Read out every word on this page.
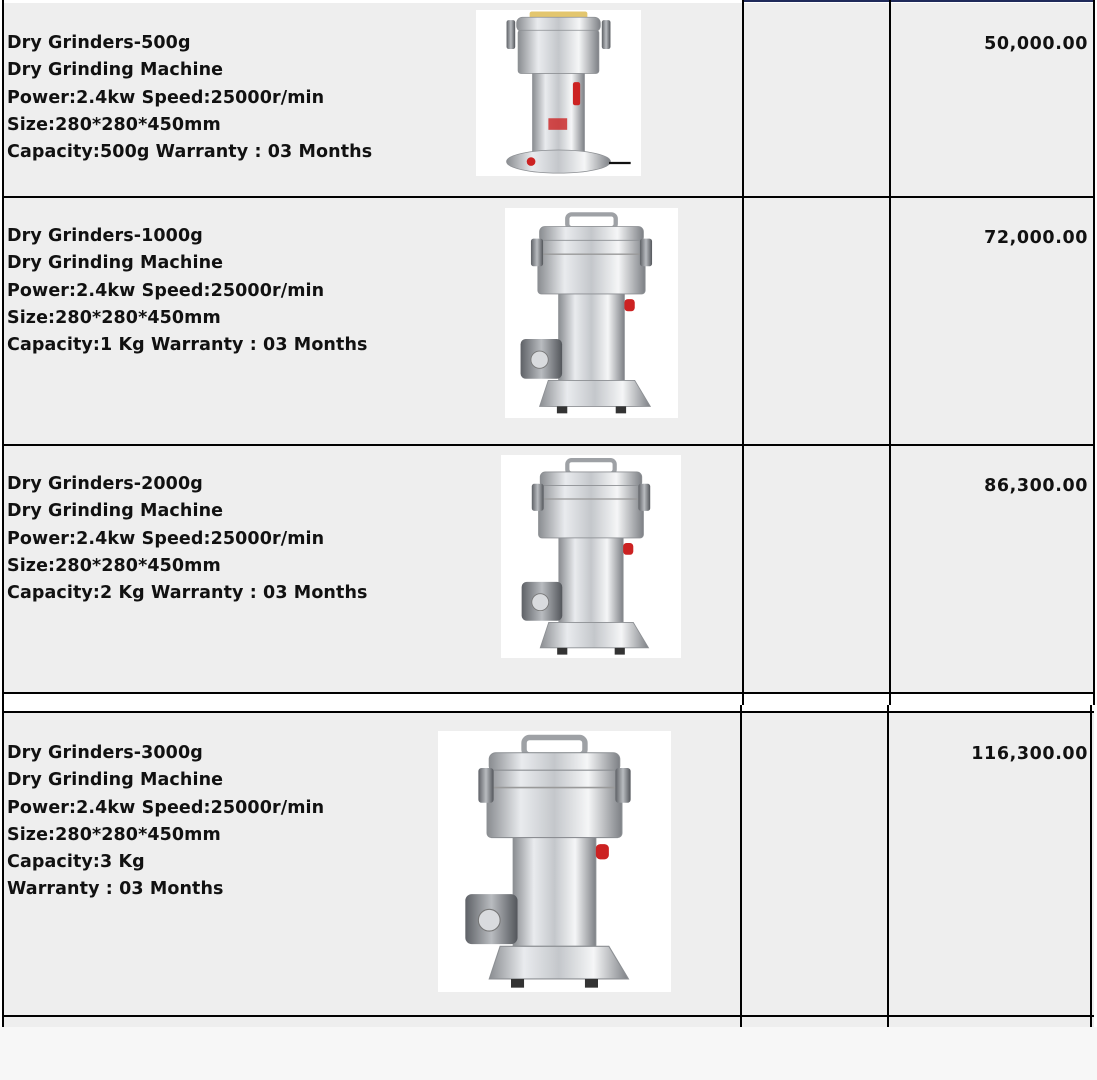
Dry Grinders-500g
Dry Grinding Machine
Power:2.4kw Speed:25000r/min
Size:280*280*450mm
Capacity:500g Warranty : 03 Months
Dry Grinders-1000g
Dry Grinding Machine
Power:2.4kw Speed:25000r/min
Size:280*280*450mm
Capacity:1 Kg Warranty : 03 Months
Dry Grinders-2000g
Dry Grinding Machine
Power:2.4kw Speed:25000r/min
Size:280*280*450mm
Capacity:2 Kg Warranty : 03 Months
Dry Grinders-3000g
Dry Grinding Machine
Power:2.4kw Speed:25000r/min
Size:280*280*450mm
Capacity:3 Kg
Warranty : 03 Months
50,000.00
72,000.00
86,300.00
116,300.00
